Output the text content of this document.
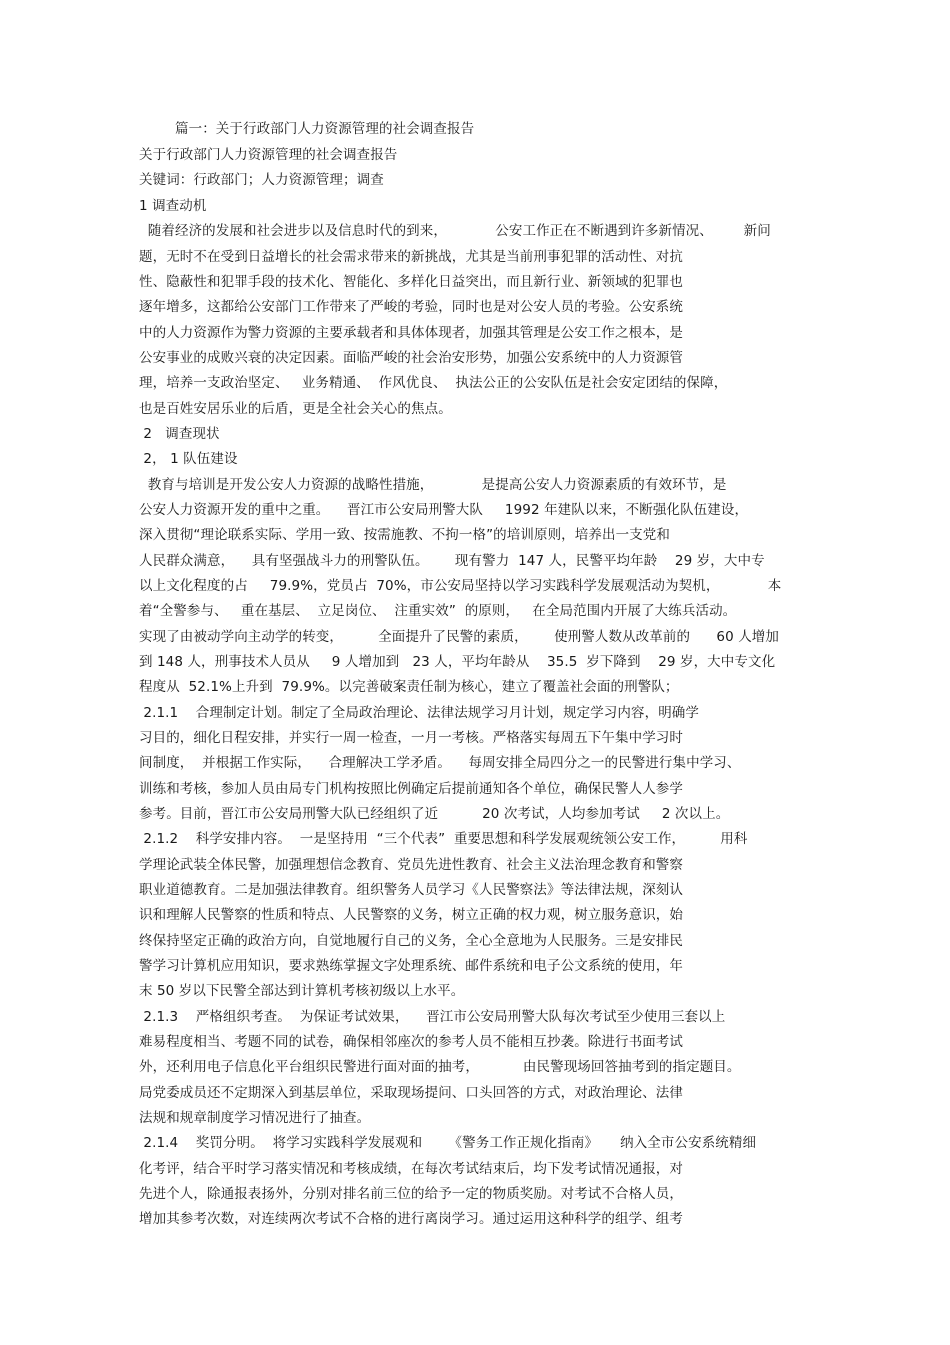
篇一：关于行政部门人力资源管理的社会调查报告
关于行政部门人力资源管理的社会调查报告
关键词：行政部门；人力资源管理；调查
1 调查动机
随着经济的发展和社会进步以及信息时代的到来，           公安工作正在不断遇到许多新情况、       新问
题，无时不在受到日益增长的社会需求带来的新挑战，尤其是当前刑事犯罪的活动性、对抗
性、隐蔽性和犯罪手段的技术化、智能化、多样化日益突出，而且新行业、新领域的犯罪也
逐年增多，这都给公安部门工作带来了严峻的考验，同时也是对公安人员的考验。公安系统
中的人力资源作为警力资源的主要承载者和具体体现者，加强其管理是公安工作之根本，是
公安事业的成败兴衰的决定因素。面临严峻的社会治安形势，加强公安系统中的人力资源管
理，培养一支政治坚定、   业务精通、  作风优良、  执法公正的公安队伍是社会安定团结的保障，
也是百姓安居乐业的后盾，更是全社会关心的焦点。
2   调查现状
2， 1 队伍建设
教育与培训是开发公安人力资源的战略性措施，           是提高公安人力资源素质的有效环节，是
公安人力资源开发的重中之重。    晋江市公安局刑警大队     1992 年建队以来，不断强化队伍建设，
深入贯彻“理论联系实际、学用一致、按需施教、不拘一格”的培训原则，培养出一支党和
人民群众满意，    具有坚强战斗力的刑警队伍。      现有警力  147 人，民警平均年龄    29 岁，大中专
以上文化程度的占     79.9%，党员占  70%，市公安局坚持以学习实践科学发展观活动为契机，           本
着“全警参与、   重在基层、  立足岗位、  注重实效”  的原则，   在全局范围内开展了大练兵活动。
实现了由被动学向主动学的转变，        全面提升了民警的素质，      使刑警人数从改革前的      60 人增加
到 148 人，刑事技术人员从     9 人增加到   23 人，平均年龄从    35.5  岁下降到    29 岁，大中专文化
程度从  52.1%上升到  79.9%。以完善破案责任制为核心，建立了覆盖社会面的刑警队；
2.1.1    合理制定计划。制定了全局政治理论、法律法规学习月计划，规定学习内容，明确学
习目的，细化日程安排，并实行一周一检查，一月一考核。严格落实每周五下午集中学习时
间制度，  并根据工作实际，    合理解决工学矛盾。    每周安排全局四分之一的民警进行集中学习、
训练和考核，参加人员由局专门机构按照比例确定后提前通知各个单位，确保民警人人参学
参考。目前，晋江市公安局刑警大队已经组织了近          20 次考试，人均参加考试     2 次以上。
2.1.2    科学安排内容。  一是坚持用  “三个代表”  重要思想和科学发展观统领公安工作，        用科
学理论武装全体民警，加强理想信念教育、党员先进性教育、社会主义法治理念教育和警察
职业道德教育。二是加强法律教育。组织警务人员学习《人民警察法》等法律法规，深刻认
识和理解人民警察的性质和特点、人民警察的义务，树立正确的权力观，树立服务意识，始
终保持坚定正确的政治方向，自觉地履行自己的义务，全心全意地为人民服务。三是安排民
警学习计算机应用知识，要求熟练掌握文字处理系统、邮件系统和电子公文系统的使用，年
末 50 岁以下民警全部达到计算机考核初级以上水平。
2.1.3    严格组织考查。  为保证考试效果，    晋江市公安局刑警大队每次考试至少使用三套以上
难易程度相当、考题不同的试卷，确保相邻座次的参考人员不能相互抄袭。除进行书面考试
外，还利用电子信息化平台组织民警进行面对面的抽考，          由民警现场回答抽考到的指定题目。
局党委成员还不定期深入到基层单位，采取现场提问、口头回答的方式，对政治理论、法律
法规和规章制度学习情况进行了抽查。
2.1.4    奖罚分明。  将学习实践科学发展观和      《警务工作正规化指南》     纳入全市公安系统精细
化考评，结合平时学习落实情况和考核成绩，在每次考试结束后，均下发考试情况通报，对
先进个人，除通报表扬外，分别对排名前三位的给予一定的物质奖励。对考试不合格人员，
增加其参考次数，对连续两次考试不合格的进行离岗学习。通过运用这种科学的组学、组考
